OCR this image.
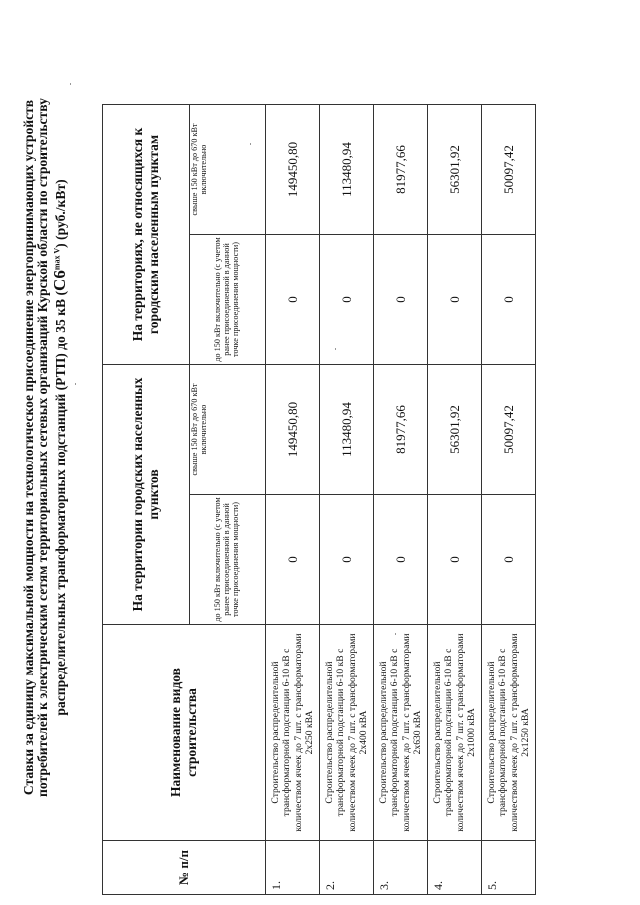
Ставки за единицу максимальной мощности на технологическое присоединение энергопринимающих устройств потребителей к электрическим сетям территориальных сетевых организаций Курской области по строительству распределительных трансформаторных подстанций (РТП) до 35 кВ $(С6^{max V})$ (руб./кВт)

№ п/п	Наименование видов строительства	На территории городских населенных пунктов		На территориях, не относящихся к городским населенным пунктам	
		до 150 кВт включительно (с учетом ранее присоединенной в данной точке присоединения мощности)	свыше 150 кВт до 670 кВт включительно	до 150 кВт включительно (с учетом ранее присоединенной в данной точке присоединения мощности)	свыше 150 кВт до 670 кВт включительно
1.	Строительство распределительной трансформаторной подстанции 6-10 кВ с количеством ячеек до 7 шт. с трансформаторами 2х250 кВА	0	149450,80	0	149450,80
2.	Строительство распределительной трансформаторной подстанции 6-10 кВ с количеством ячеек до 7 шт. с трансформаторами 2х400 кВА	0	113480,94	0	113480,94
3.	Строительство распределительной трансформаторной подстанции 6-10 кВ с количеством ячеек до 7 шт. с трансформаторами 2х630 кВА	0	81977,66	0	81977,66
4.	Строительство распределительной трансформаторной подстанции 6-10 кВ с количеством ячеек до 7 шт. с трансформаторами 2х1000 кВА	0	56301,92	0	56301,92
5.	Строительство распределительной трансформаторной подстанции 6-10 кВ с количеством ячеек до 7 шт. с трансформаторами 2х1250 кВА	0	50097,42	0	50097,42
